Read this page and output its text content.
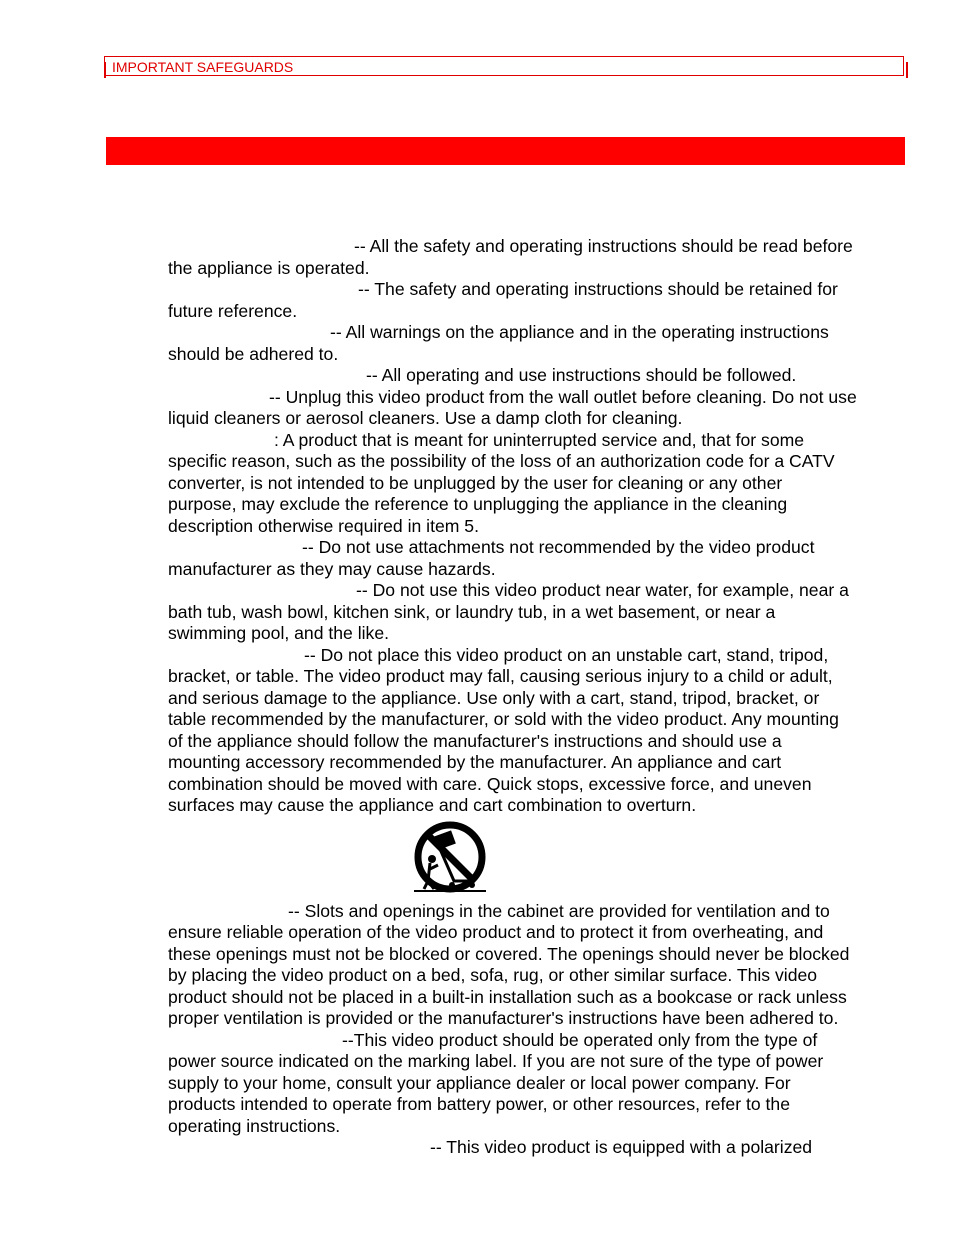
IMPORTANT SAFEGUARDS
-- All the safety and operating instructions should be read before
the appliance is operated.
-- The safety and operating instructions should be retained for
future reference.
-- All warnings on the appliance and in the operating instructions
should be adhered to.
-- All operating and use instructions should be followed.
-- Unplug this video product from the wall outlet before cleaning. Do not use
liquid cleaners or aerosol cleaners. Use a damp cloth for cleaning.
: A product that is meant for uninterrupted service and, that for some
specific reason, such as the possibility of the loss of an authorization code for a CATV
converter, is not intended to be unplugged by the user for cleaning or any other
purpose, may exclude the reference to unplugging the appliance in the cleaning
description otherwise required in item 5.
-- Do not use attachments not recommended by the video product
manufacturer as they may cause hazards.
-- Do not use this video product near water, for example, near a
bath tub, wash bowl, kitchen sink, or laundry tub, in a wet basement, or near a
swimming pool, and the like.
-- Do not place this video product on an unstable cart, stand, tripod,
bracket, or table. The video product may fall, causing serious injury to a child or adult,
and serious damage to the appliance. Use only with a cart, stand, tripod, bracket, or
table recommended by the manufacturer, or sold with the video product. Any mounting
of the appliance should follow the manufacturer's instructions and should use a
mounting accessory recommended by the manufacturer. An appliance and cart
combination should be moved with care. Quick stops, excessive force, and uneven
surfaces may cause the appliance and cart combination to overturn.
-- Slots and openings in the cabinet are provided for ventilation and to
ensure reliable operation of the video product and to protect it from overheating, and
these openings must not be blocked or covered. The openings should never be blocked
by placing the video product on a bed, sofa, rug, or other similar surface. This video
product should not be placed in a built-in installation such as a bookcase or rack unless
proper ventilation is provided or the manufacturer's instructions have been adhered to.
--This video product should be operated only from the type of
power source indicated on the marking label. If you are not sure of the type of power
supply to your home, consult your appliance dealer or local power company. For
products intended to operate from battery power, or other resources, refer to the
operating instructions.
-- This video product is equipped with a polarized
